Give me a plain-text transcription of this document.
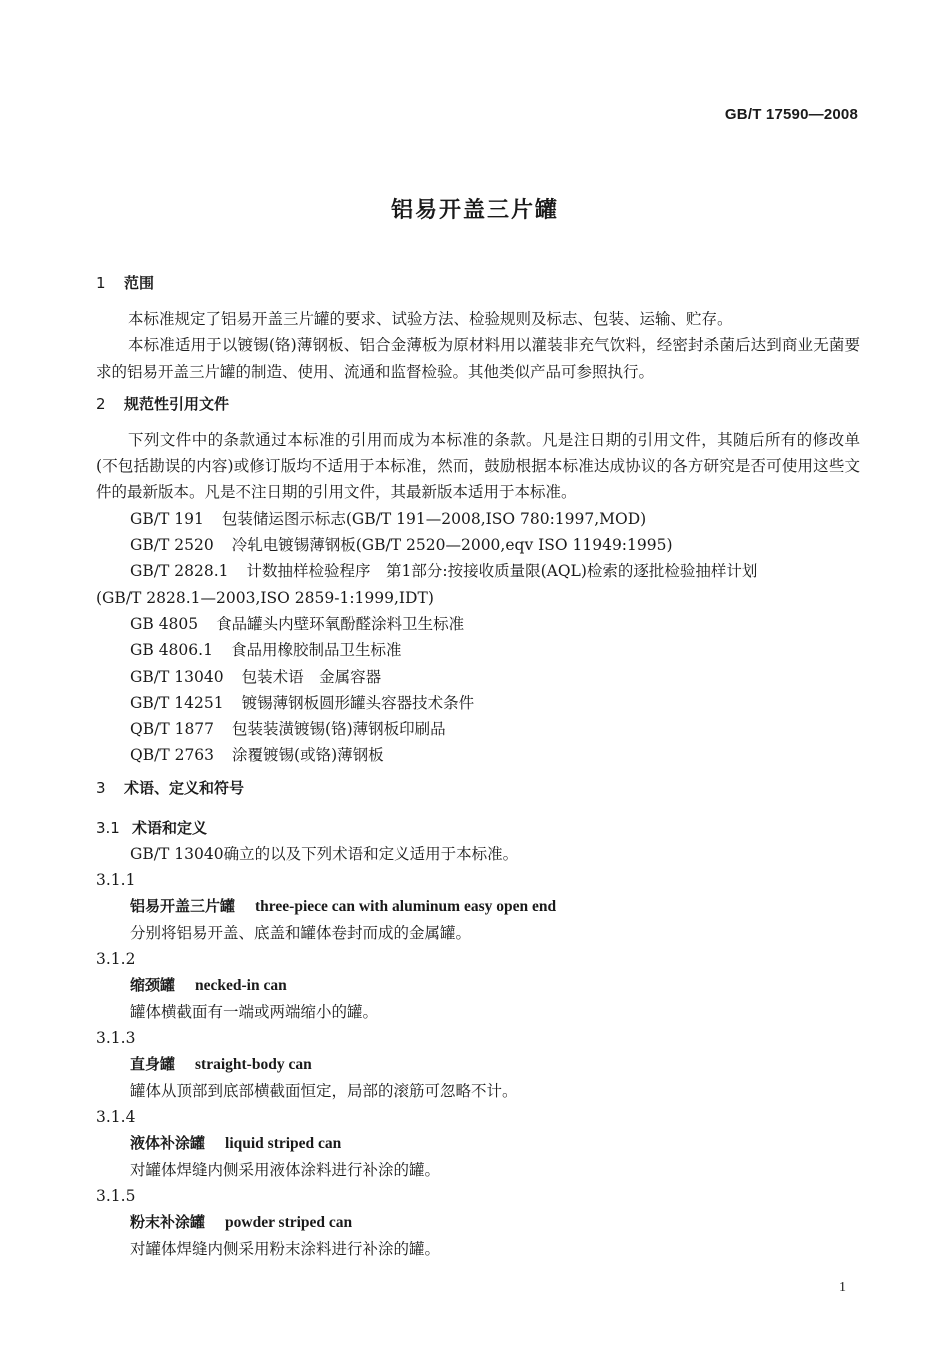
GB/T 17590—2008
铝易开盖三片罐
1 范围
本标准规定了铝易开盖三片罐的要求、试验方法、检验规则及标志、包装、运输、贮存。
本标准适用于以镀锡(铬)薄钢板、铝合金薄板为原材料用以灌装非充气饮料，经密封杀菌后达到商业无菌要求的铝易开盖三片罐的制造、使用、流通和监督检验。其他类似产品可参照执行。
2 规范性引用文件
下列文件中的条款通过本标准的引用而成为本标准的条款。凡是注日期的引用文件，其随后所有的修改单(不包括勘误的内容)或修订版均不适用于本标准，然而，鼓励根据本标准达成协议的各方研究是否可使用这些文件的最新版本。凡是不注日期的引用文件，其最新版本适用于本标准。
GB/T 191 包装储运图示标志(GB/T 191—2008,ISO 780:1997,MOD)
GB/T 2520 冷轧电镀锡薄钢板(GB/T 2520—2000,eqv ISO 11949:1995)
GB/T 2828.1 计数抽样检验程序　第1部分:按接收质量限(AQL)检索的逐批检验抽样计划
(GB/T 2828.1—2003,ISO 2859-1:1999,IDT)
GB 4805 食品罐头内壁环氧酚醛涂料卫生标准
GB 4806.1 食品用橡胶制品卫生标准
GB/T 13040 包装术语　金属容器
GB/T 14251 镀锡薄钢板圆形罐头容器技术条件
QB/T 1877 包装装潢镀锡(铬)薄钢板印刷品
QB/T 2763 涂覆镀锡(或铬)薄钢板
3 术语、定义和符号
3.1 术语和定义
GB/T 13040确立的以及下列术语和定义适用于本标准。
3.1.1
铝易开盖三片罐 three-piece can with aluminum easy open end
分别将铝易开盖、底盖和罐体卷封而成的金属罐。
3.1.2
缩颈罐 necked-in can
罐体横截面有一端或两端缩小的罐。
3.1.3
直身罐 straight-body can
罐体从顶部到底部横截面恒定，局部的滚筋可忽略不计。
3.1.4
液体补涂罐 liquid striped can
对罐体焊缝内侧采用液体涂料进行补涂的罐。
3.1.5
粉末补涂罐 powder striped can
对罐体焊缝内侧采用粉末涂料进行补涂的罐。
1
